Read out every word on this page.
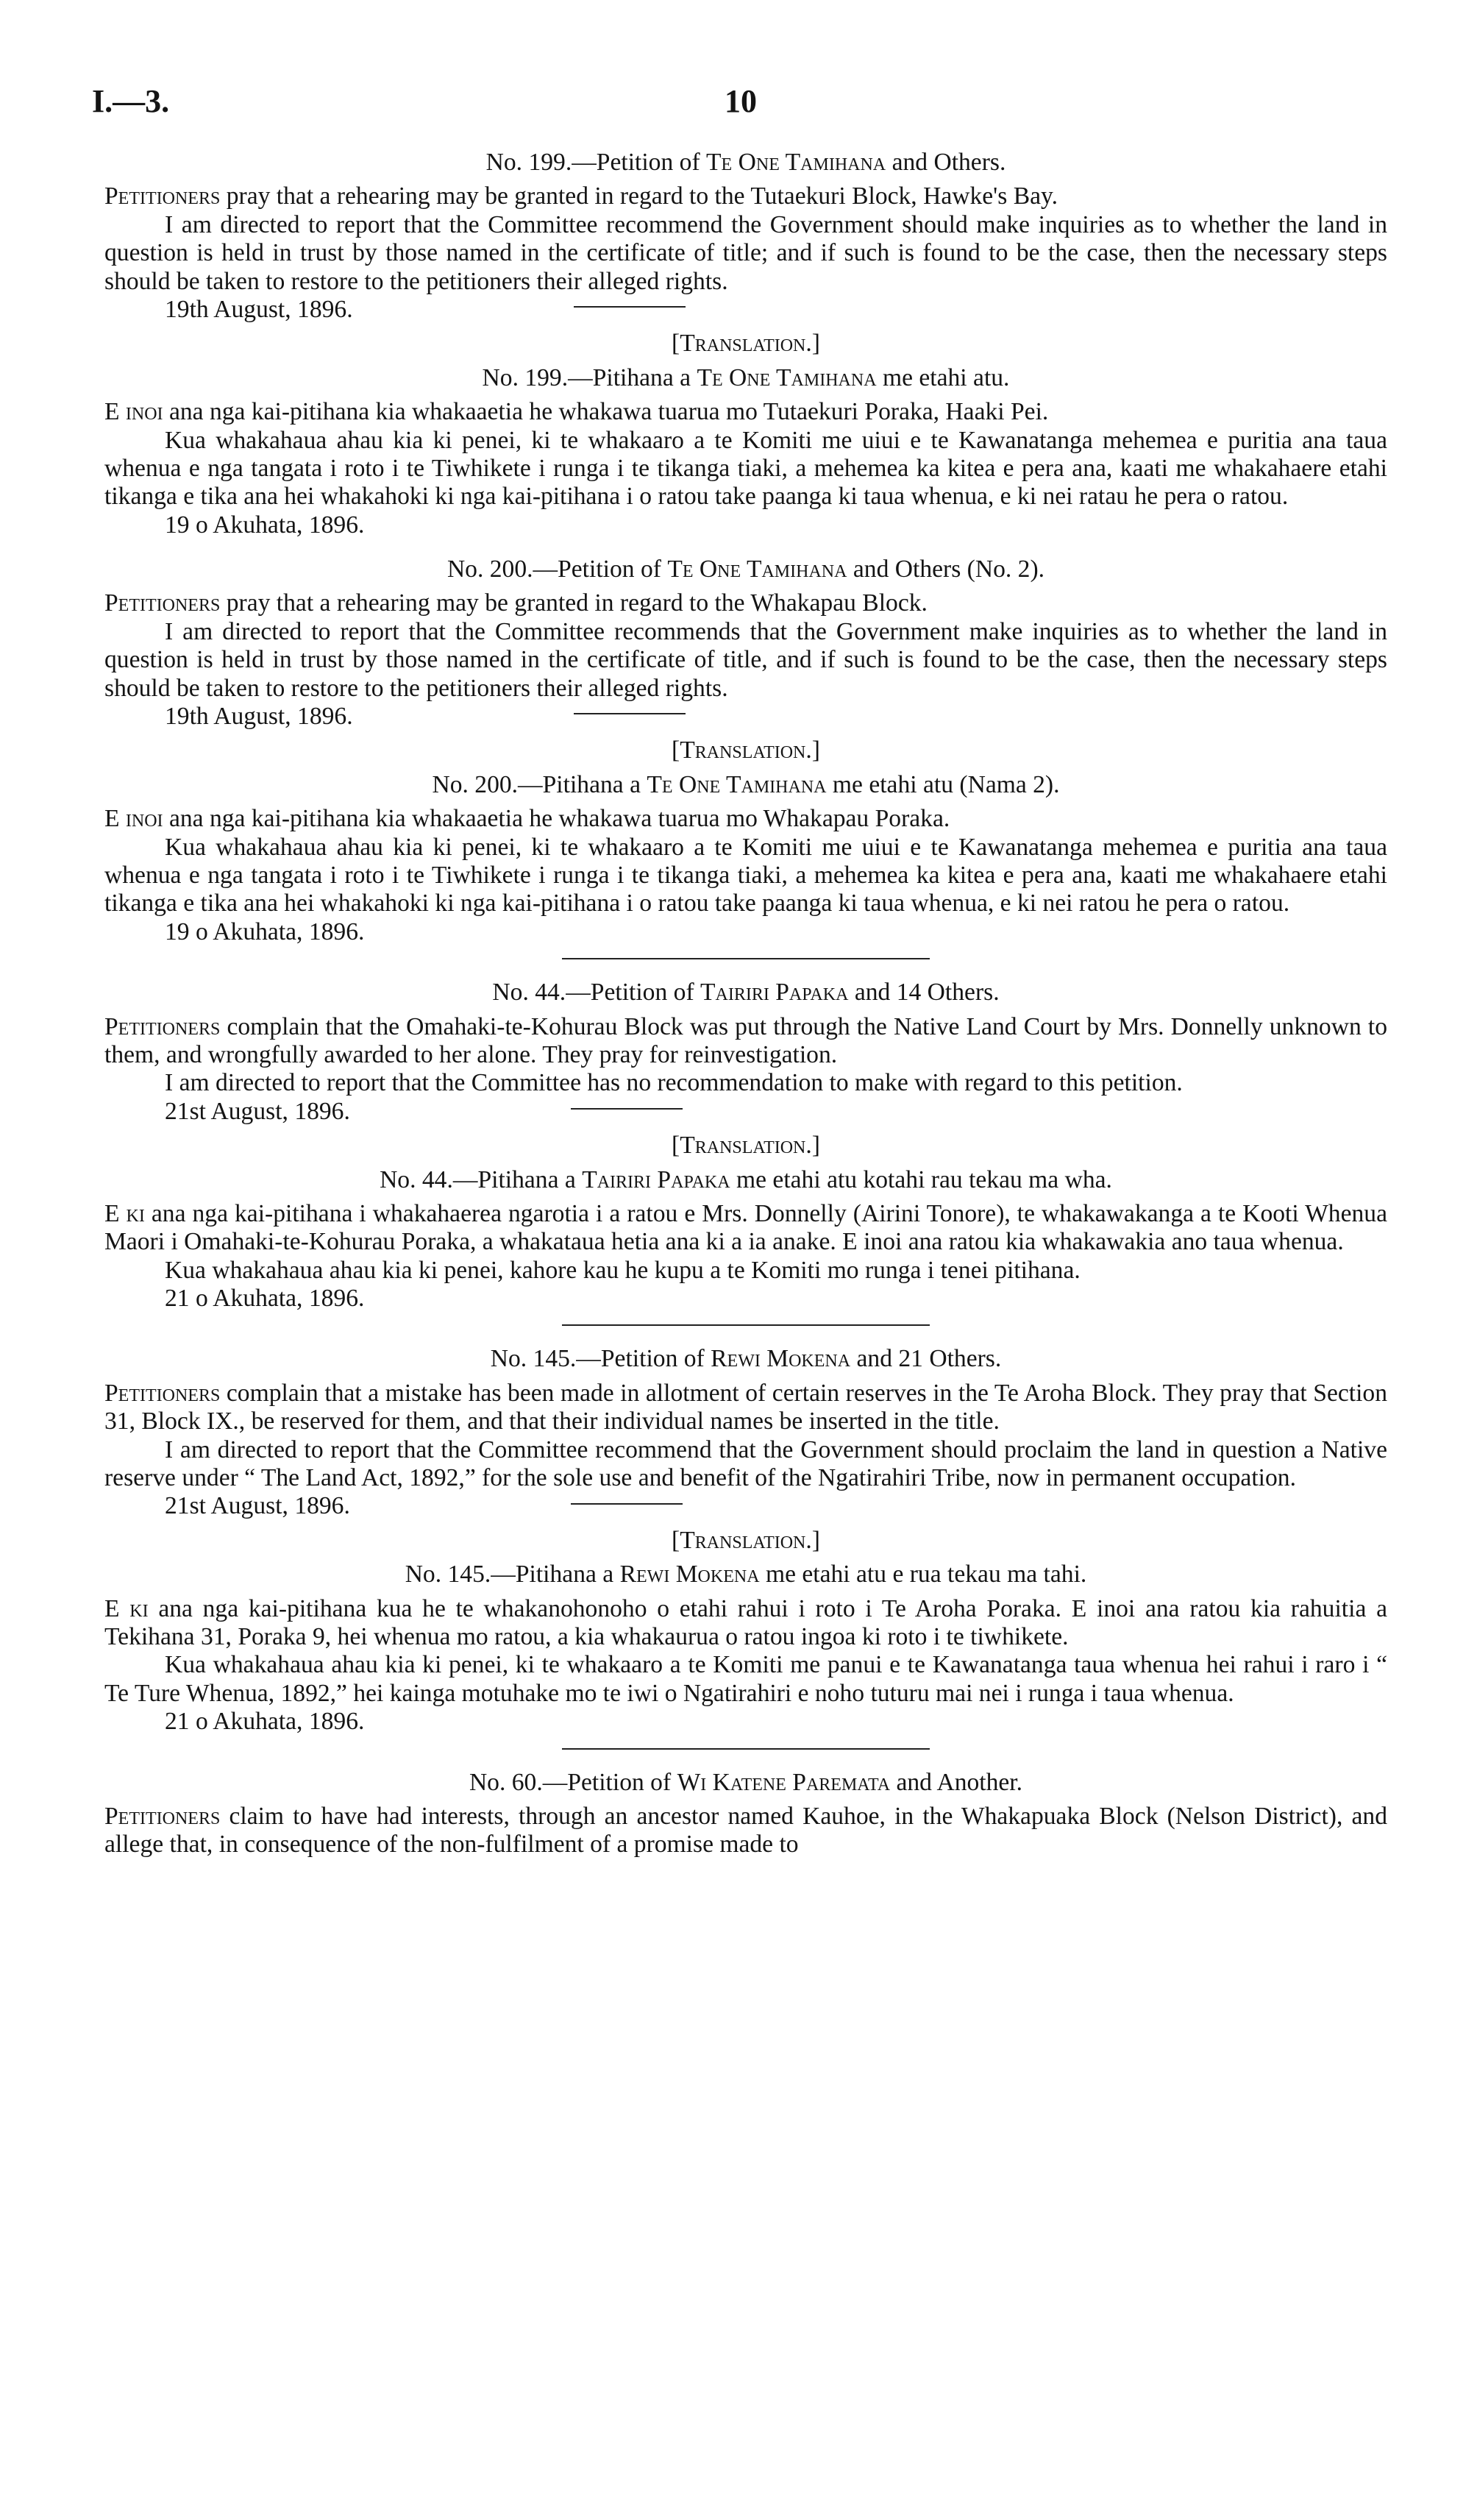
I.—3.	10

No. 199.—Petition of Te One Tamihana and Others.

Petitioners pray that a rehearing may be granted in regard to the Tutaekuri Block, Hawke's Bay.

I am directed to report that the Committee recommend the Government should make inquiries as to whether the land in question is held in trust by those named in the certificate of title; and if such is found to be the case, then the necessary steps should be taken to restore to the petitioners their alleged rights.

19th August, 1896.

[Translation.]

No. 199.—Pitihana a Te One Tamihana me etahi atu.

E inoi ana nga kai-pitihana kia whakaaetia he whakawa tuarua mo Tutaekuri Poraka, Haaki Pei.

Kua whakahaua ahau kia ki penei, ki te whakaaro a te Komiti me uiui e te Kawanatanga mehemea e puritia ana taua whenua e nga tangata i roto i te Tiwhikete i runga i te tikanga tiaki, a mehemea ka kitea e pera ana, kaati me whakahaere etahi tikanga e tika ana hei whakahoki ki nga kai-pitihana i o ratou take paanga ki taua whenua, e ki nei ratau he pera o ratou.

19 o Akuhata, 1896.

No. 200.—Petition of Te One Tamihana and Others (No. 2).

Petitioners pray that a rehearing may be granted in regard to the Whakapau Block.

I am directed to report that the Committee recommends that the Government make inquiries as to whether the land in question is held in trust by those named in the certificate of title, and if such is found to be the case, then the necessary steps should be taken to restore to the petitioners their alleged rights.

19th August, 1896.

[Translation.]

No. 200.—Pitihana a Te One Tamihana me etahi atu (Nama 2).

E inoi ana nga kai-pitihana kia whakaaetia he whakawa tuarua mo Whakapau Poraka.

Kua whakahaua ahau kia ki penei, ki te whakaaro a te Komiti me uiui e te Kawanatanga mehemea e puritia ana taua whenua e nga tangata i roto i te Tiwhikete i runga i te tikanga tiaki, a mehemea ka kitea e pera ana, kaati me whakahaere etahi tikanga e tika ana hei whakahoki ki nga kai-pitihana i o ratou take paanga ki taua whenua, e ki nei ratou he pera o ratou.

19 o Akuhata, 1896.

No. 44.—Petition of Tairiri Papaka and 14 Others.

Petitioners complain that the Omahaki-te-Kohurau Block was put through the Native Land Court by Mrs. Donnelly unknown to them, and wrongfully awarded to her alone. They pray for reinvestigation.

I am directed to report that the Committee has no recommendation to make with regard to this petition.

21st August, 1896.

[Translation.]

No. 44.—Pitihana a Tairiri Papaka me etahi atu kotahi rau tekau ma wha.

E ki ana nga kai-pitihana i whakahaerea ngarotia i a ratou e Mrs. Donnelly (Airini Tonore), te whakawakanga a te Kooti Whenua Maori i Omahaki-te-Kohurau Poraka, a whakataua hetia ana ki a ia anake. E inoi ana ratou kia whakawakia ano taua whenua.

Kua whakahaua ahau kia ki penei, kahore kau he kupu a te Komiti mo runga i tenei pitihana.

21 o Akuhata, 1896.

No. 145.—Petition of Rewi Mokena and 21 Others.

Petitioners complain that a mistake has been made in allotment of certain reserves in the Te Aroha Block. They pray that Section 31, Block IX., be reserved for them, and that their individual names be inserted in the title.

I am directed to report that the Committee recommend that the Government should proclaim the land in question a Native reserve under “ The Land Act, 1892,” for the sole use and benefit of the Ngatirahiri Tribe, now in permanent occupation.

21st August, 1896.

[Translation.]

No. 145.—Pitihana a Rewi Mokena me etahi atu e rua tekau ma tahi.

E ki ana nga kai-pitihana kua he te whakanohonoho o etahi rahui i roto i Te Aroha Poraka. E inoi ana ratou kia rahuitia a Tekihana 31, Poraka 9, hei whenua mo ratou, a kia whakaurua o ratou ingoa ki roto i te tiwhikete.

Kua whakahaua ahau kia ki penei, ki te whakaaro a te Komiti me panui e te Kawanatanga taua whenua hei rahui i raro i “ Te Ture Whenua, 1892,” hei kainga motuhake mo te iwi o Ngatirahiri e noho tuturu mai nei i runga i taua whenua.

21 o Akuhata, 1896.

No. 60.—Petition of Wi Katene Paremata and Another.

Petitioners claim to have had interests, through an ancestor named Kauhoe, in the Whakapuaka Block (Nelson District), and allege that, in consequence of the non-fulfilment of a promise made to
